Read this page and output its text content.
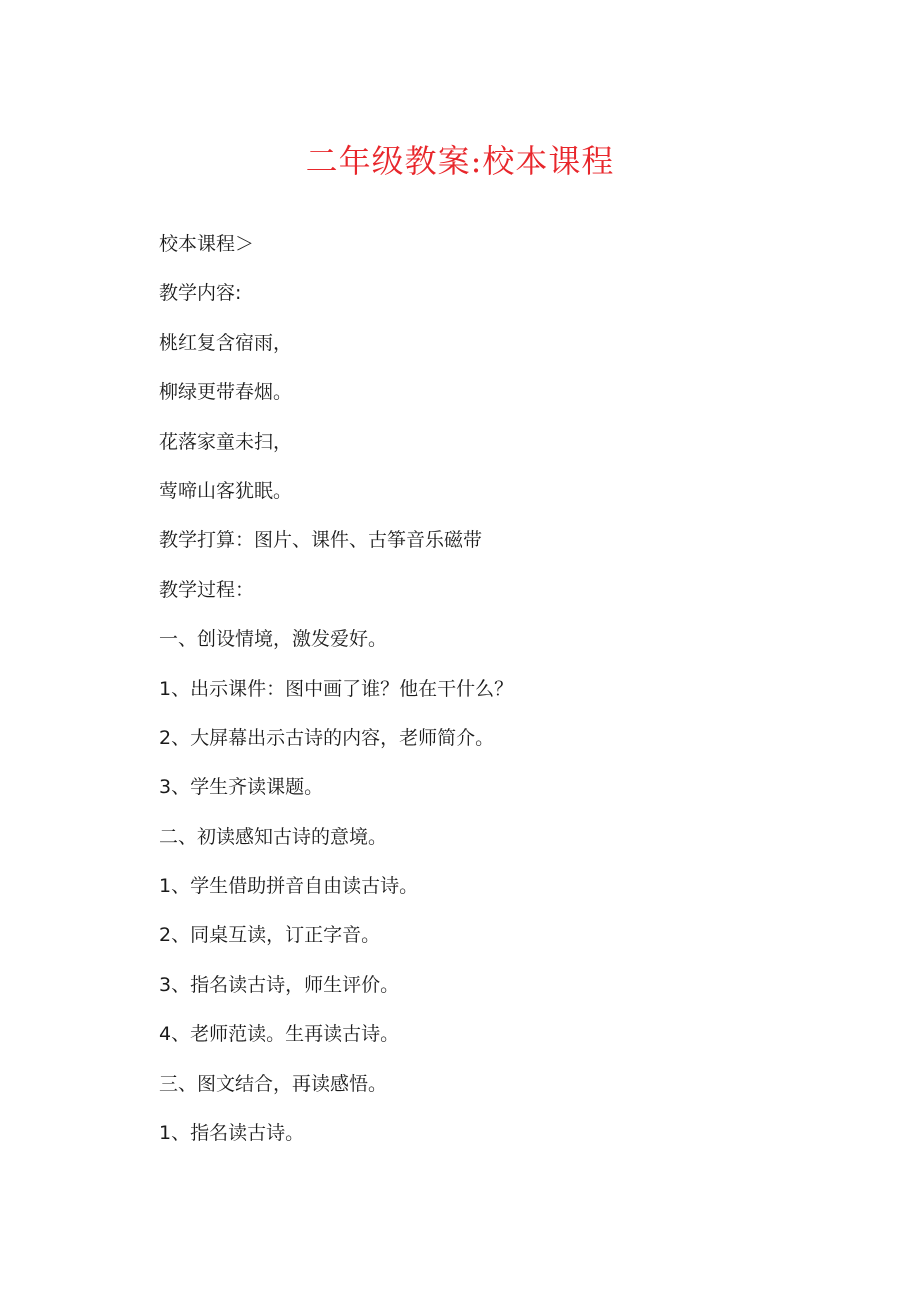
二年级教案:校本课程
校本课程＞
教学内容:
桃红复含宿雨，
柳绿更带春烟。
花落家童未扫，
莺啼山客犹眠。
教学打算：图片、课件、古筝音乐磁带
教学过程：
一、创设情境，激发爱好。
1、出示课件：图中画了谁？他在干什么？
2、大屏幕出示古诗的内容，老师简介。
3、学生齐读课题。
二、初读感知古诗的意境。
1、学生借助拼音自由读古诗。
2、同桌互读，订正字音。
3、指名读古诗，师生评价。
4、老师范读。生再读古诗。
三、图文结合，再读感悟。
1、指名读古诗。
